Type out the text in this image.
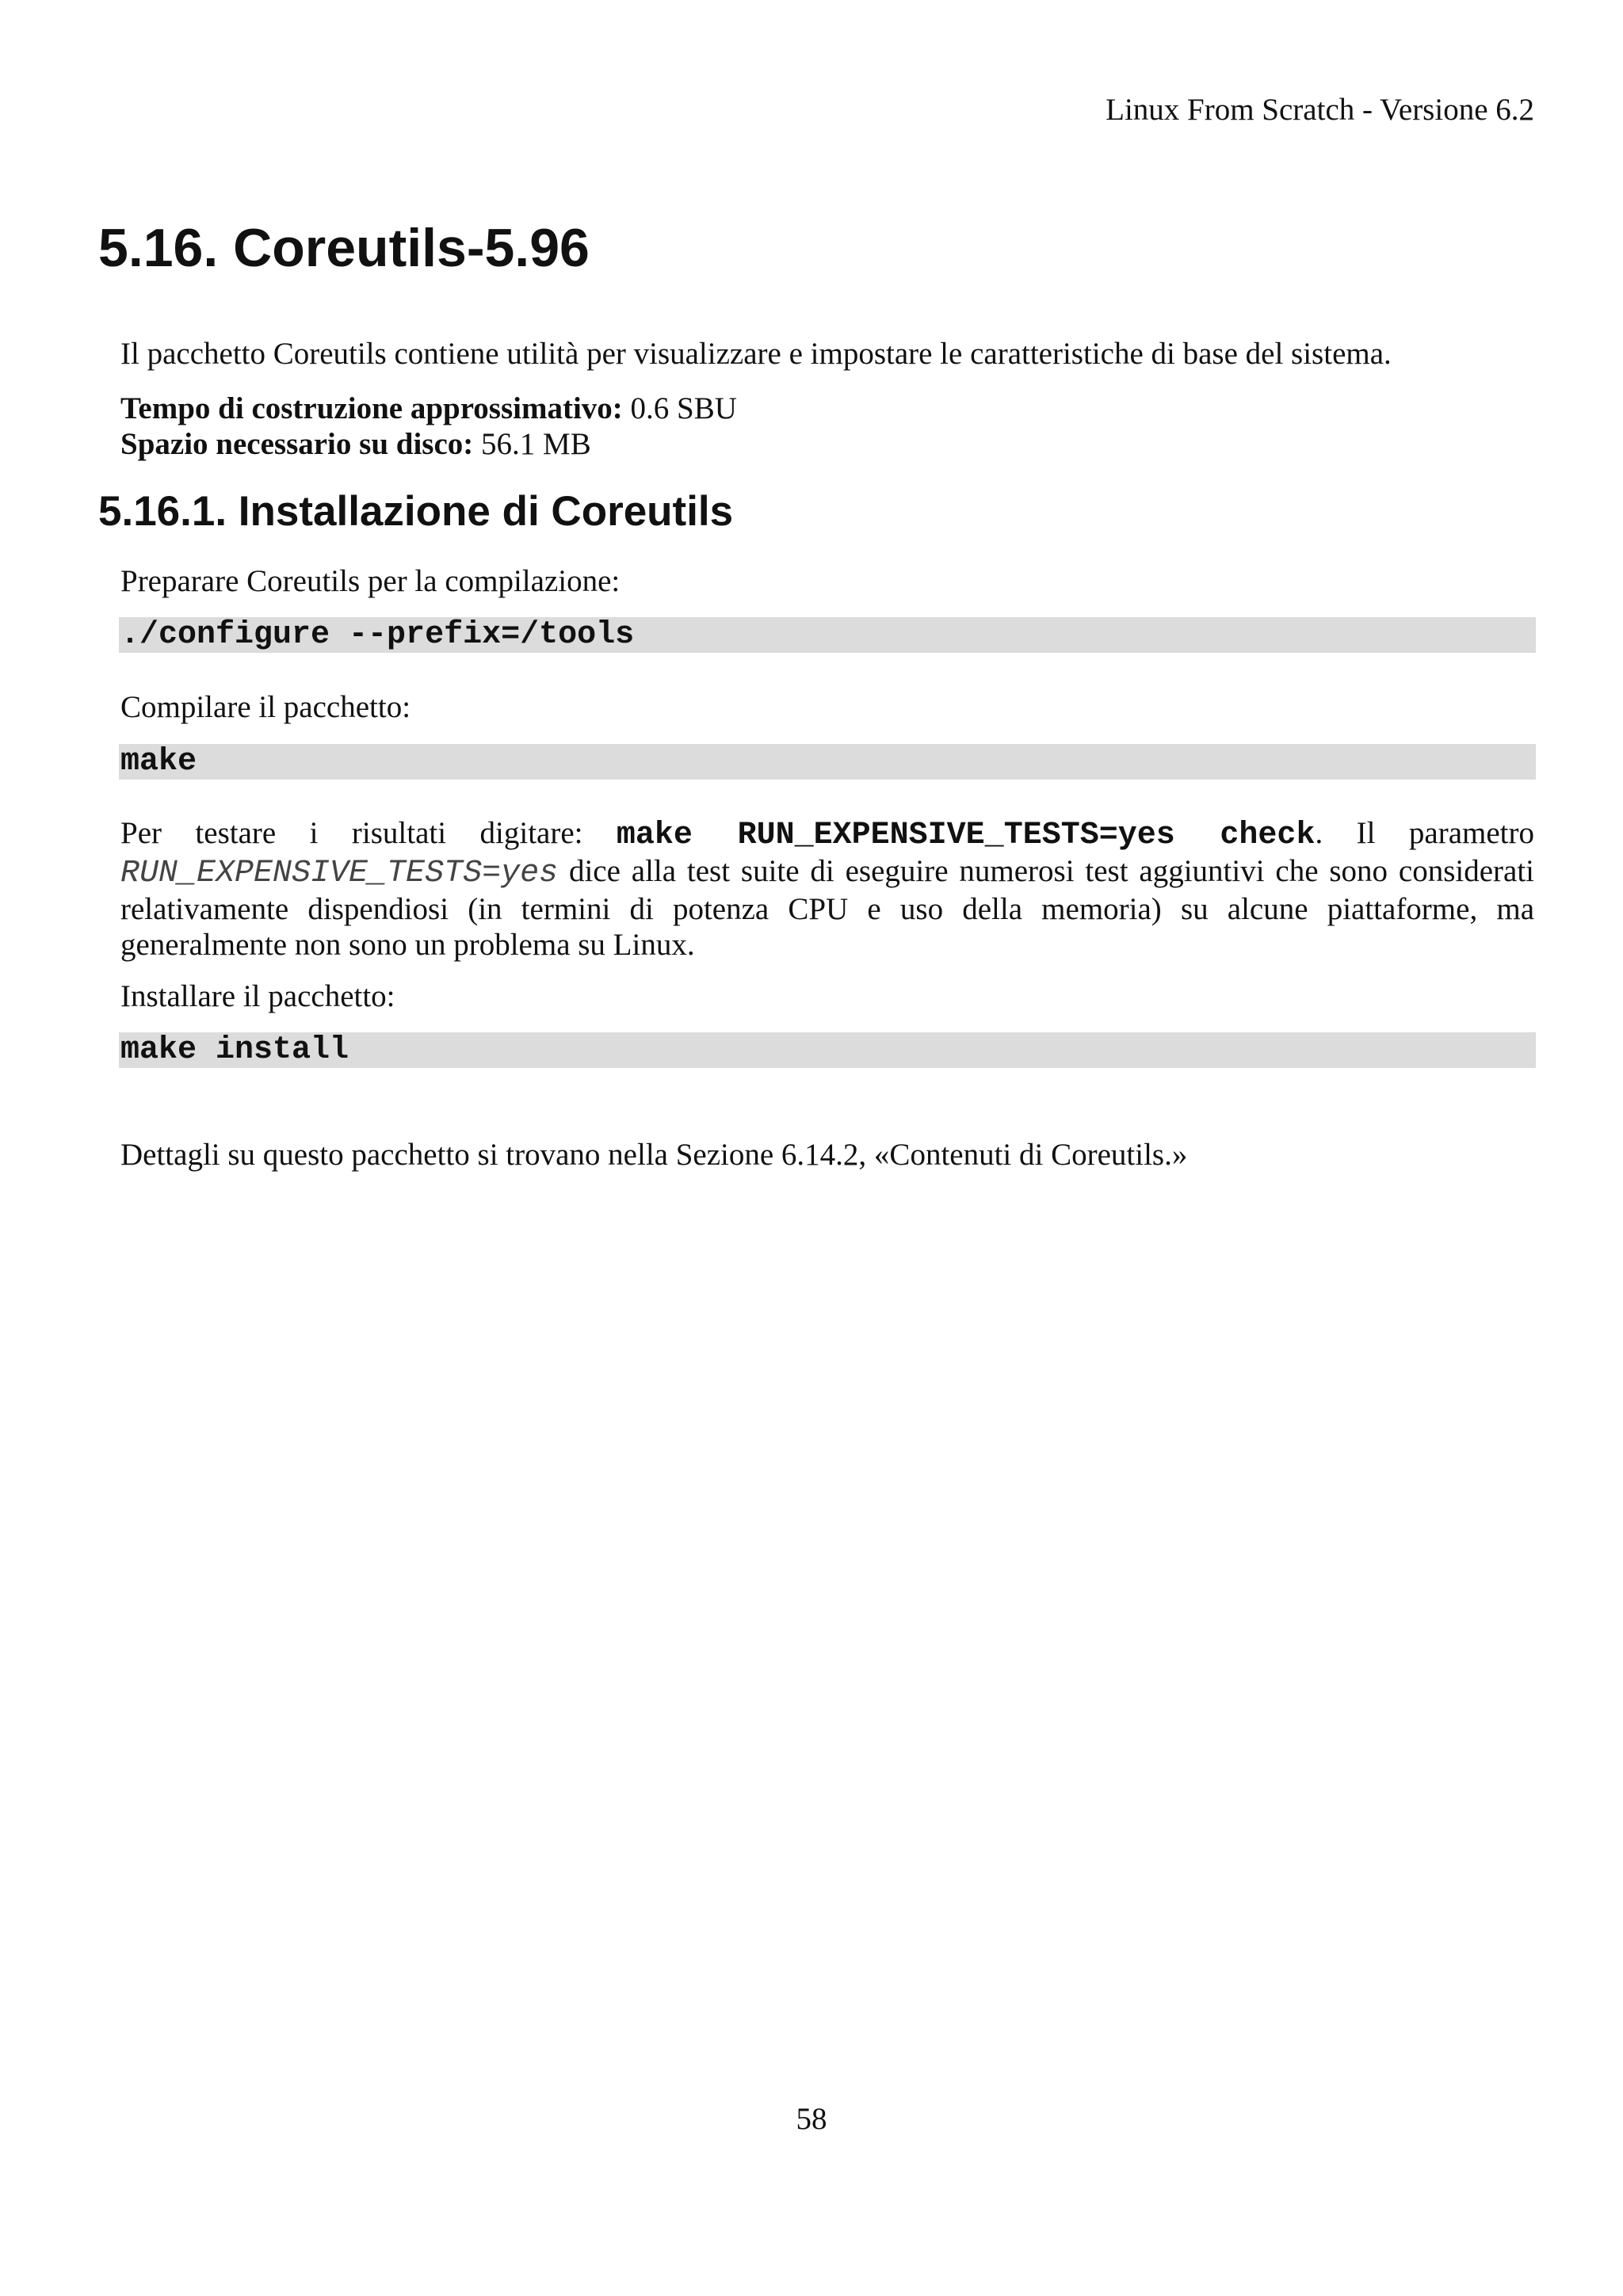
Linux From Scratch - Versione 6.2
5.16. Coreutils-5.96

Il pacchetto Coreutils contiene utilità per visualizzare e impostare le caratteristiche di base del sistema.

Tempo di costruzione approssimativo: 0.6 SBU
Spazio necessario su disco: 56.1 MB

5.16.1. Installazione di Coreutils

Preparare Coreutils per la compilazione:

./configure --prefix=/tools

Compilare il pacchetto:

make

Per testare i risultati digitare: make RUN_EXPENSIVE_TESTS=yes check. Il parametro RUN_EXPENSIVE_TESTS=yes dice alla test suite di eseguire numerosi test aggiuntivi che sono considerati relativamente dispendiosi (in termini di potenza CPU e uso della memoria) su alcune piattaforme, ma generalmente non sono un problema su Linux.

Installare il pacchetto:

make install

Dettagli su questo pacchetto si trovano nella Sezione 6.14.2, «Contenuti di Coreutils.»

58
